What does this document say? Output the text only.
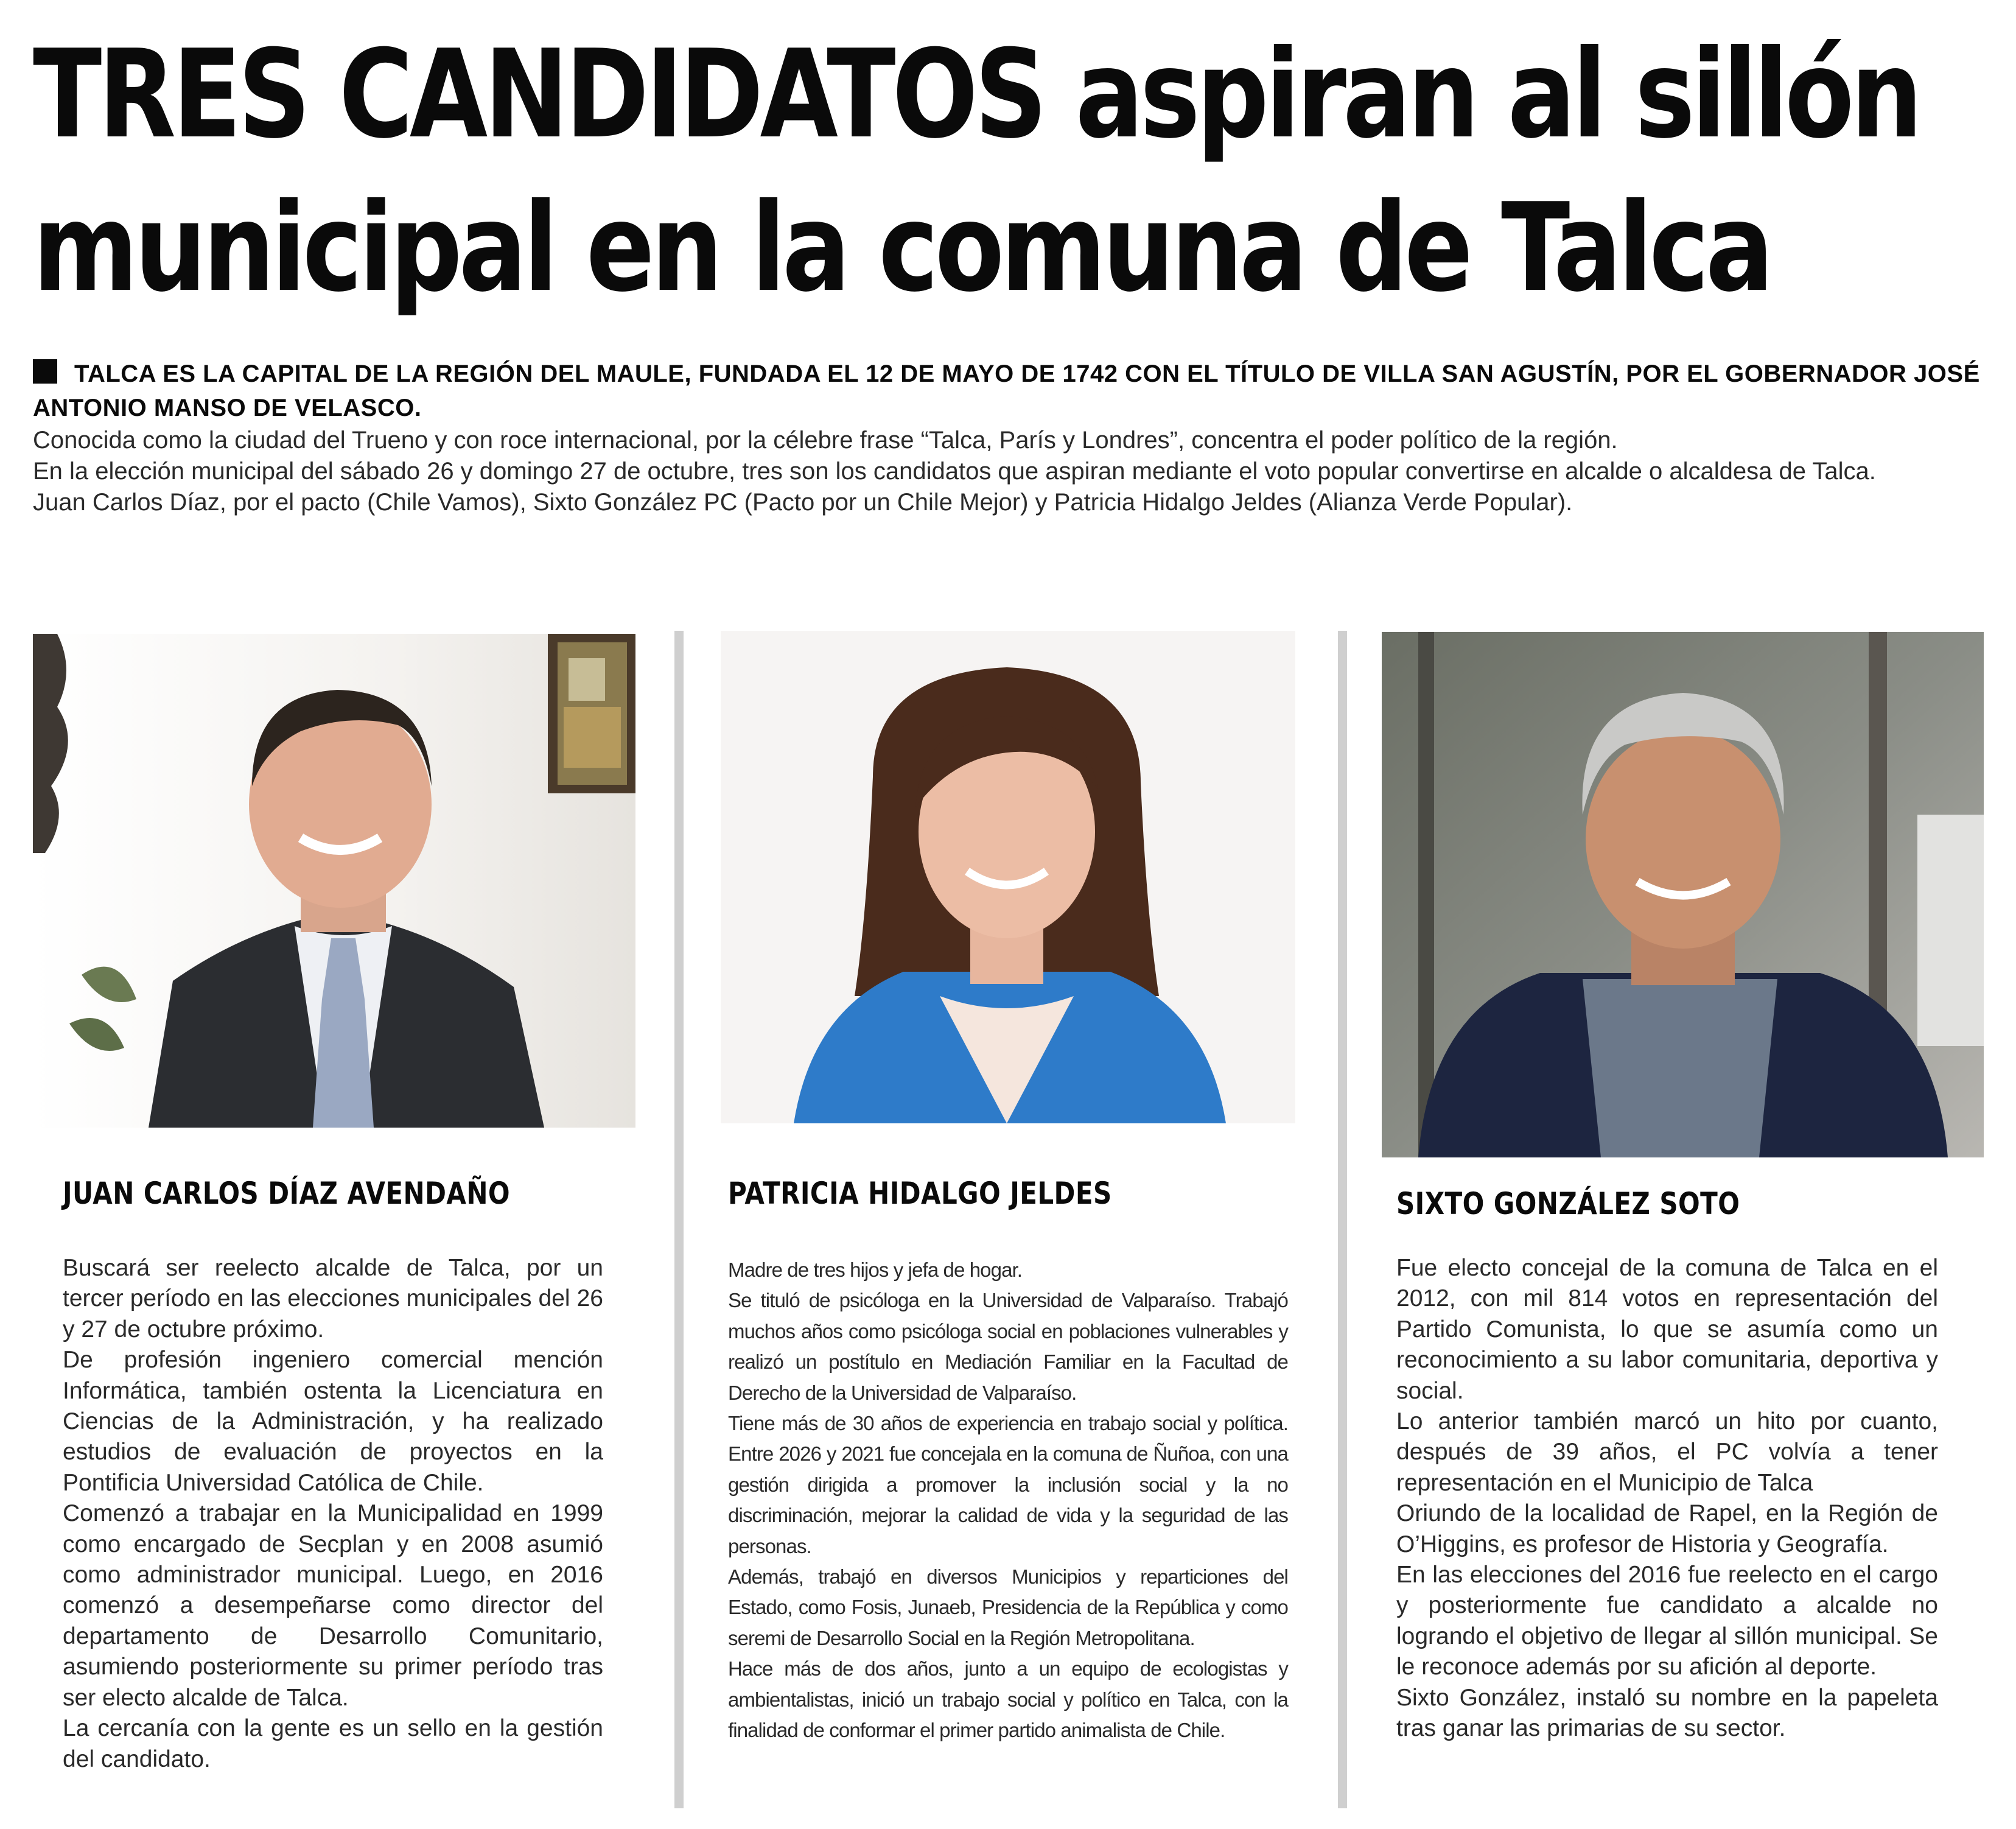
TRES CANDIDATOS aspiran al sillón
municipal en la comuna de Talca

TALCA ES LA CAPITAL DE LA REGIÓN DEL MAULE, FUNDADA EL 12 DE MAYO DE 1742 CON EL TÍTULO DE VILLA SAN AGUSTÍN, POR EL GOBERNADOR JOSÉ ANTONIO MANSO DE VELASCO.

Conocida como la ciudad del Trueno y con roce internacional, por la célebre frase “Talca, París y Londres”, concentra el poder político de la región.

En la elección municipal del sábado 26 y domingo 27 de octubre, tres son los candidatos que aspiran mediante el voto popular convertirse en alcalde o alcaldesa de Talca.

Juan Carlos Díaz, por el pacto (Chile Vamos), Sixto González PC (Pacto por un Chile Mejor) y Patricia Hidalgo Jeldes (Alianza Verde Popular).

JUAN CARLOS DÍAZ AVENDAÑO	PATRICIA HIDALGO JELDES	SIXTO GONZÁLEZ SOTO

Buscará ser reelecto alcalde de Talca, por un tercer período en las elecciones municipales del 26 y 27 de octubre próximo.

De profesión ingeniero comercial mención Informática, también ostenta la Licenciatura en Ciencias de la Administración, y ha realizado estudios de evaluación de proyectos en la Pontificia Universidad Católica de Chile.

Comenzó a trabajar en la Municipalidad en 1999 como encargado de Secplan y en 2008 asumió como administrador municipal. Luego, en 2016 comenzó a desempeñarse como director del departamento de Desarrollo Comunitario, asumiendo posteriormente su primer período tras ser electo alcalde de Talca.

La cercanía con la gente es un sello en la gestión del candidato.

Madre de tres hijos y jefa de hogar.

Se tituló de psicóloga en la Universidad de Valparaíso. Trabajó muchos años como psicóloga social en poblaciones vulnerables y realizó un postítulo en Mediación Familiar en la Facultad de Derecho de la Universidad de Valparaíso.

Tiene más de 30 años de experiencia en trabajo social y política. Entre 2026 y 2021 fue concejala en la comuna de Ñuñoa, con una gestión dirigida a promover la inclusión social y la no discriminación, mejorar la calidad de vida y la seguridad de las personas.

Además, trabajó en diversos Municipios y reparticiones del Estado, como Fosis, Junaeb, Presidencia de la República y como seremi de Desarrollo Social en la Región Metropolitana.

Hace más de dos años, junto a un equipo de ecologistas y ambientalistas, inició un trabajo social y político en Talca, con la finalidad de conformar el primer partido animalista de Chile.

Fue electo concejal de la comuna de Talca en el 2012, con mil 814 votos en representación del Partido Comunista, lo que se asumía como un reconocimiento a su labor comunitaria, deportiva y social.

Lo anterior también marcó un hito por cuanto, después de 39 años, el PC volvía a tener representación en el Municipio de Talca

Oriundo de la localidad de Rapel, en la Región de O’Higgins, es profesor de Historia y Geografía.

En las elecciones del 2016 fue reelecto en el cargo y posteriormente fue candidato a alcalde no logrando el objetivo de llegar al sillón municipal. Se le reconoce además por su afición al deporte.

Sixto González, instaló su nombre en la papeleta tras ganar las primarias de su sector.
